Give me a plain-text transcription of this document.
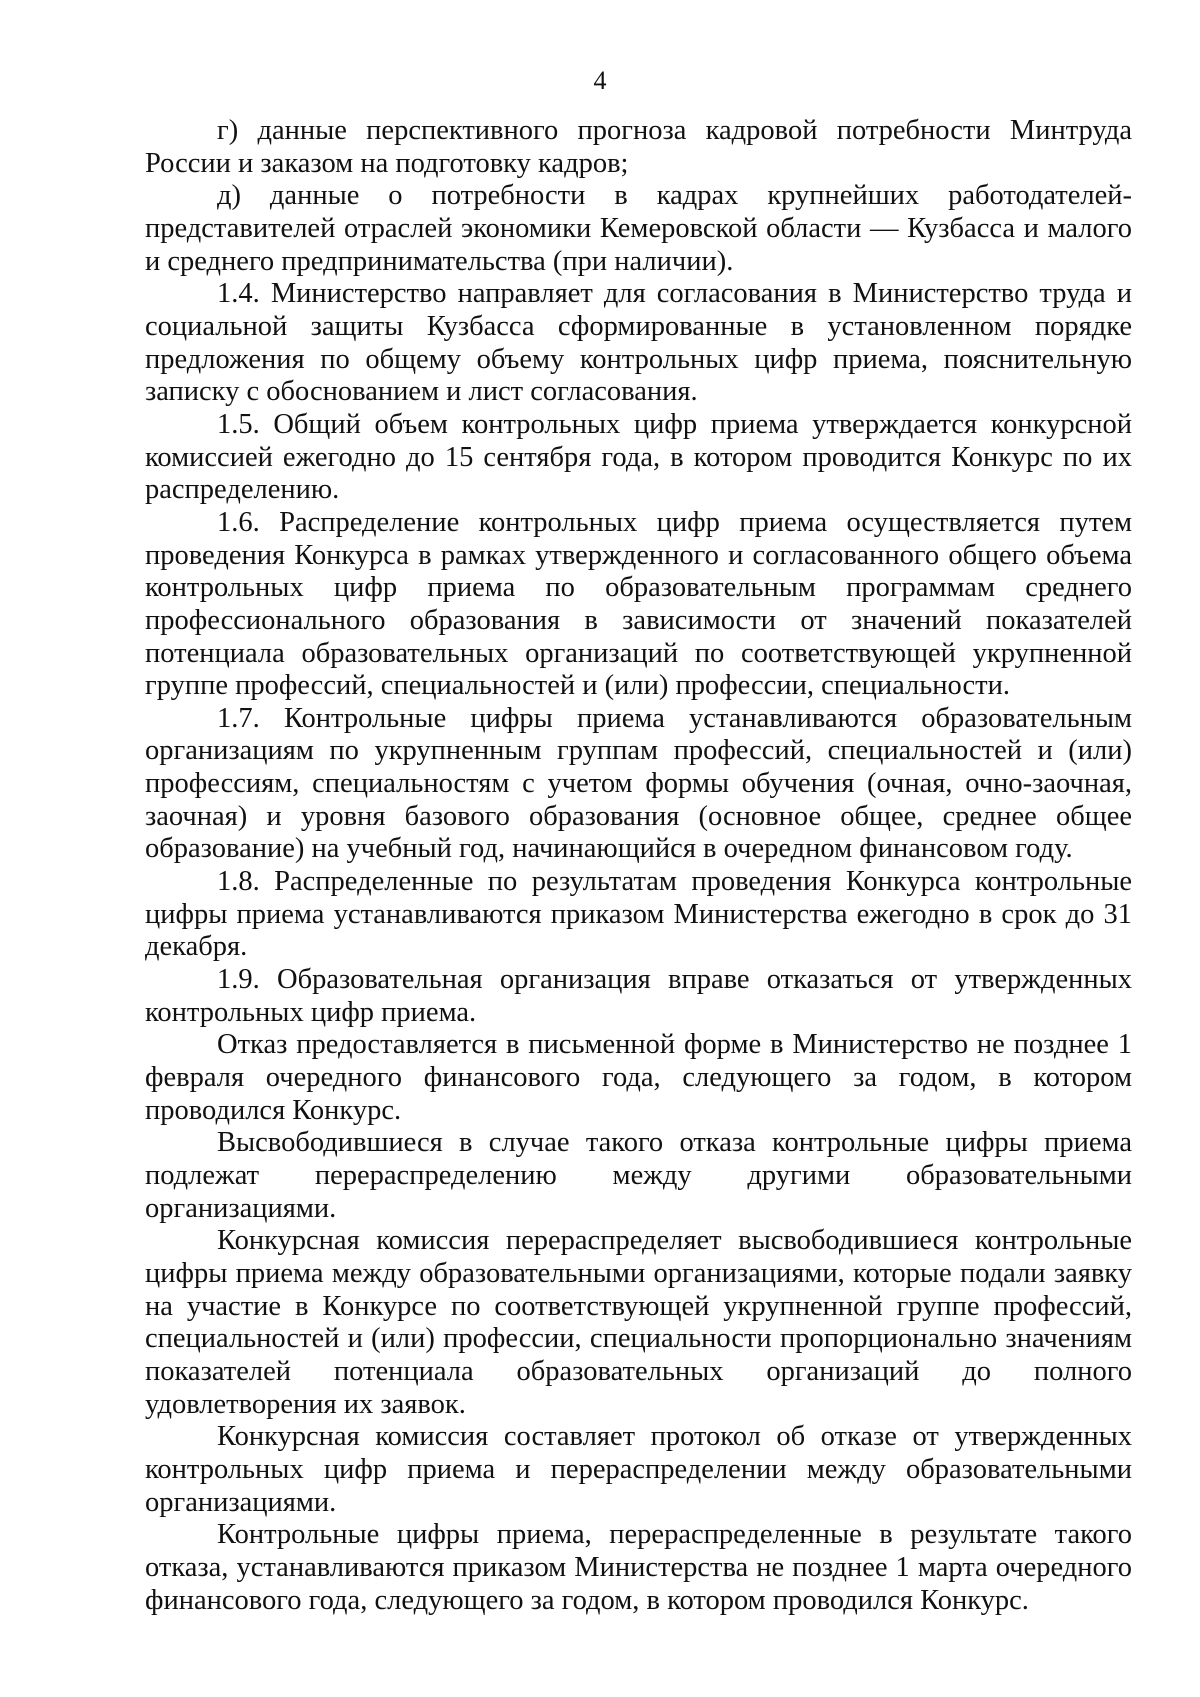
4

г) данные перспективного прогноза кадровой потребности Минтруда России и заказом на подготовку кадров;

д) данные о потребности в кадрах крупнейших работодателей-представителей отраслей экономики Кемеровской области — Кузбасса и малого и среднего предпринимательства (при наличии).

1.4. Министерство направляет для согласования в Министерство труда и социальной защиты Кузбасса сформированные в установленном порядке предложения по общему объему контрольных цифр приема, пояснительную записку с обоснованием и лист согласования.

1.5. Общий объем контрольных цифр приема утверждается конкурсной комиссией ежегодно до 15 сентября года, в котором проводится Конкурс по их распределению.

1.6. Распределение контрольных цифр приема осуществляется путем проведения Конкурса в рамках утвержденного и согласованного общего объема контрольных цифр приема по образовательным программам среднего профессионального образования в зависимости от значений показателей потенциала образовательных организаций по соответствующей укрупненной группе профессий, специальностей и (или) профессии, специальности.

1.7. Контрольные цифры приема устанавливаются образовательным организациям по укрупненным группам профессий, специальностей и (или) профессиям, специальностям с учетом формы обучения (очная, очно-заочная, заочная) и уровня базового образования (основное общее, среднее общее образование) на учебный год, начинающийся в очередном финансовом году.

1.8. Распределенные по результатам проведения Конкурса контрольные цифры приема устанавливаются приказом Министерства ежегодно в срок до 31 декабря.

1.9. Образовательная организация вправе отказаться от утвержденных контрольных цифр приема.

Отказ предоставляется в письменной форме в Министерство не позднее 1 февраля очередного финансового года, следующего за годом, в котором проводился Конкурс.

Высвободившиеся в случае такого отказа контрольные цифры приема подлежат перераспределению между другими образовательными организациями.

Конкурсная комиссия перераспределяет высвободившиеся контрольные цифры приема между образовательными организациями, которые подали заявку на участие в Конкурсе по соответствующей укрупненной группе профессий, специальностей и (или) профессии, специальности пропорционально значениям показателей потенциала образовательных организаций до полного удовлетворения их заявок.

Конкурсная комиссия составляет протокол об отказе от утвержденных контрольных цифр приема и перераспределении между образовательными организациями.

Контрольные цифры приема, перераспределенные в результате такого отказа, устанавливаются приказом Министерства не позднее 1 марта очередного финансового года, следующего за годом, в котором проводился Конкурс.
